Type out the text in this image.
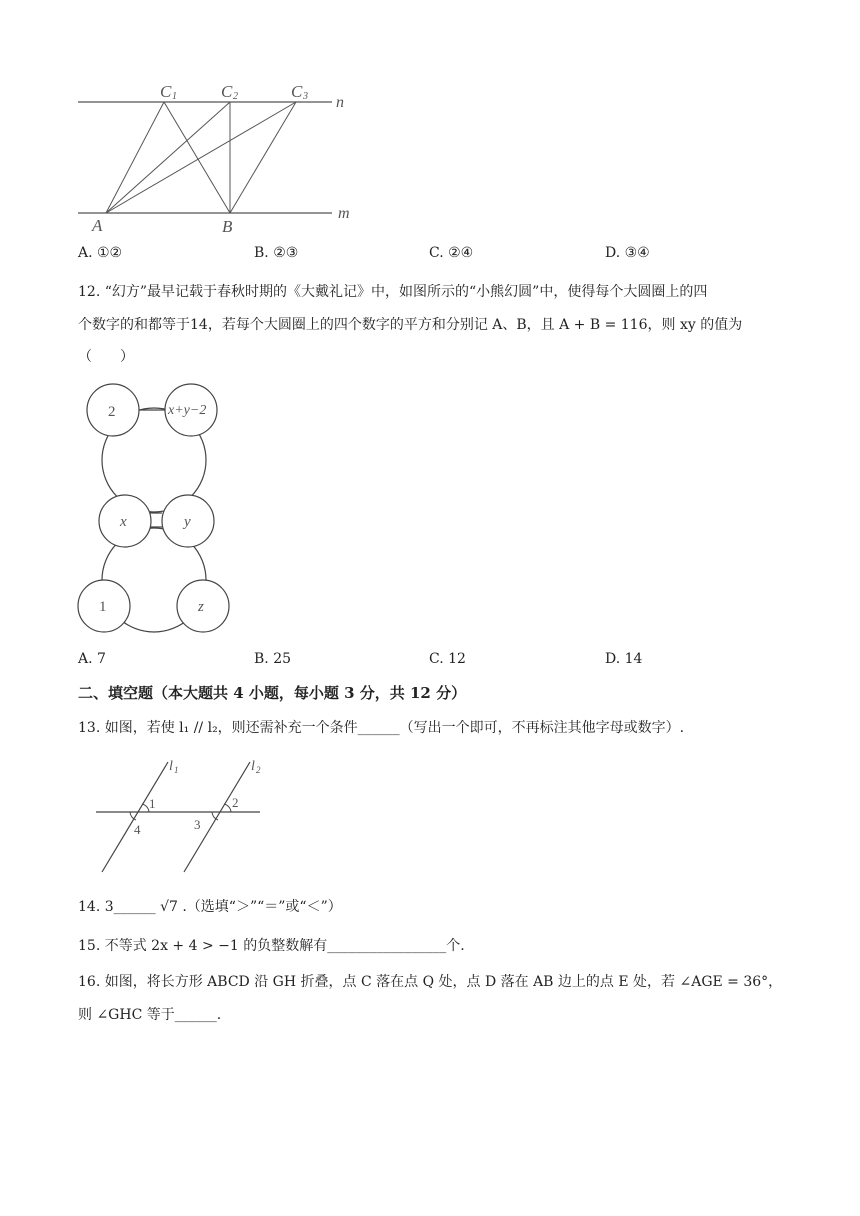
C 1	C 2	C 3 n
m
A	B
A. ①②	B. ②③	C. ②④	D. ③④
12. “幻方”最早记载于春秋时期的《大戴礼记》中，如图所示的“小熊幻圆”中，使得每个大圆圈上的四
个数字的和都等于14，若每个大圆圈上的四个数字的平方和分别记 A、B，且 A + B = 116，则 xy 的值为
（　　）
2	x+y−2
x	y
1	z
A. 7	B. 25	C. 12	D. 14
二、填空题（本大题共 4 小题，每小题 3 分，共 12 分）
13. 如图，若使 l₁ // l₂，则还需补充一个条件______（写出一个即可，不再标注其他字母或数字）.
l 1	l 2
1	2
3
4
14. 3______ √7 .（选填“＞”“＝”或“＜”）
15. 不等式 2x + 4 > −1 的负整数解有_________________个.
16. 如图，将长方形 ABCD 沿 GH 折叠，点 C 落在点 Q 处，点 D 落在 AB 边上的点 E 处，若 ∠AGE = 36°，
则 ∠GHC 等于______.
